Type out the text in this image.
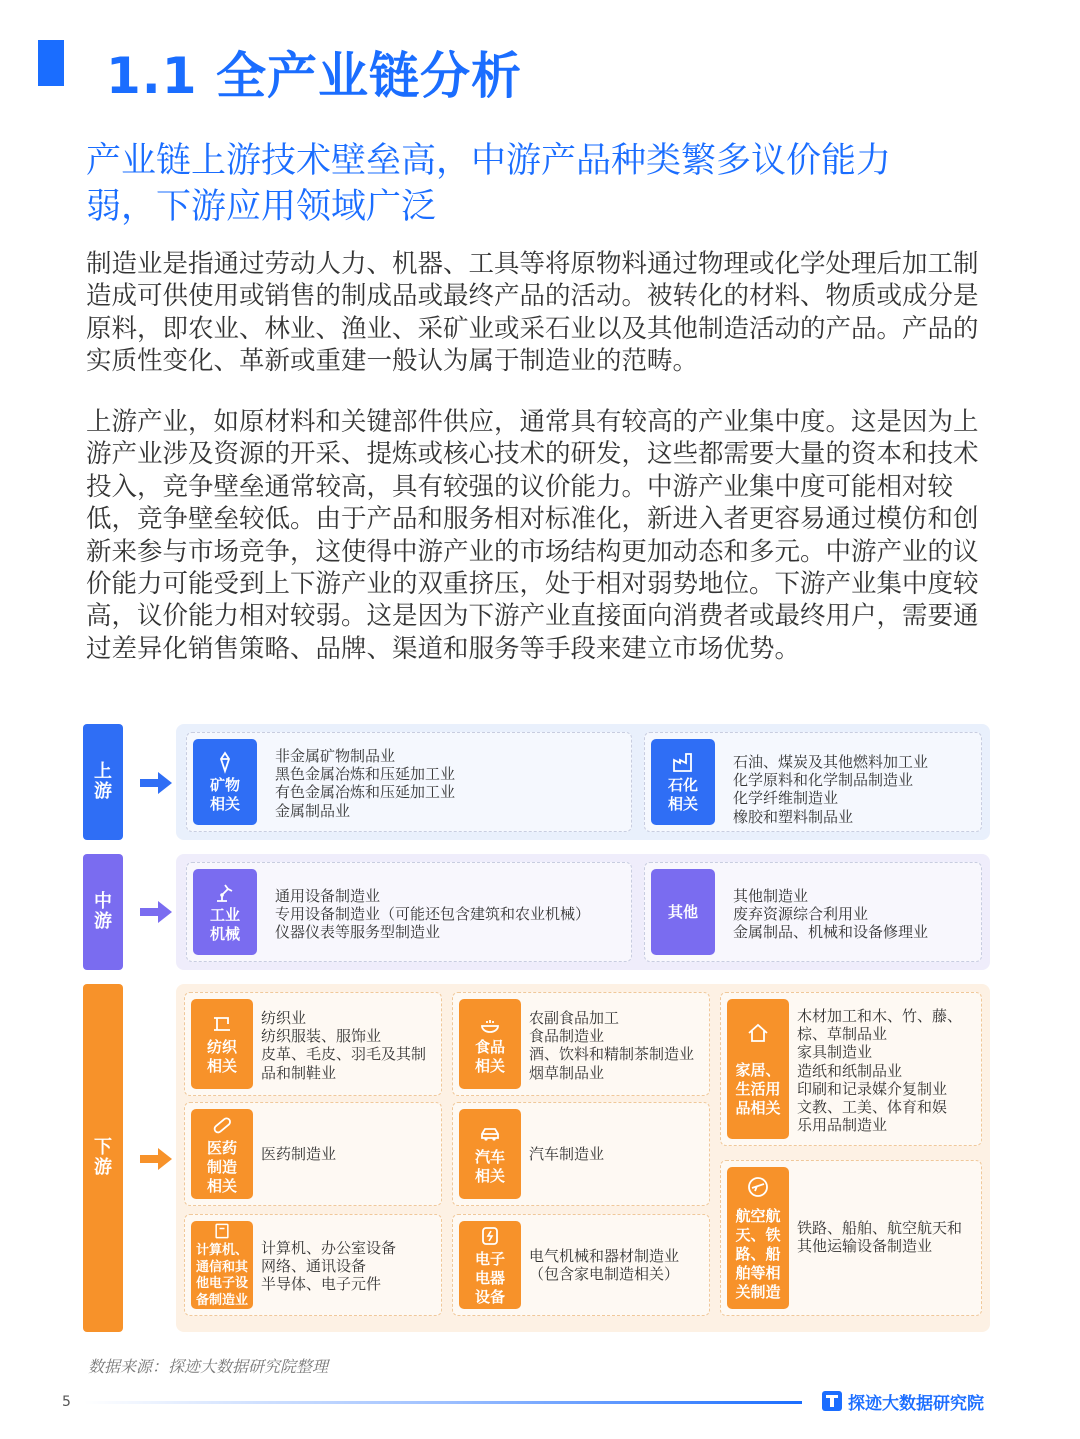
1.1 全产业链分析
产业链上游技术壁垒高，中游产品种类繁多议价能力
弱，下游应用领域广泛
制造业是指通过劳动人力、机器、工具等将原物料通过物理或化学处理后加工制造成可供使用或销售的制成品或最终产品的活动。被转化的材料、物质或成分是原料，即农业、林业、渔业、采矿业或采石业以及其他制造活动的产品。产品的实质性变化、革新或重建一般认为属于制造业的范畴。
上游产业，如原材料和关键部件供应，通常具有较高的产业集中度。这是因为上游产业涉及资源的开采、提炼或核心技术的研发，这些都需要大量的资本和技术投入，竞争壁垒通常较高，具有较强的议价能力。中游产业集中度可能相对较低，竞争壁垒较低。由于产品和服务相对标准化，新进入者更容易通过模仿和创新来参与市场竞争，这使得中游产业的市场结构更加动态和多元。中游产业的议价能力可能受到上下游产业的双重挤压，处于相对弱势地位。下游产业集中度较高，议价能力相对较弱。这是因为下游产业直接面向消费者或最终用户，需要通过差异化销售策略、品牌、渠道和服务等手段来建立市场优势。
上游	矿物
相关
非金属矿物制品业
黑色金属冶炼和压延加工业
有色金属冶炼和压延加工业
金属制品业
石化
相关
石油、煤炭及其他燃料加工业
化学原料和化学制品制造业
化学纤维制造业
橡胶和塑料制品业
中游	工业
机械
通用设备制造业
专用设备制造业（可能还包含建筑和农业机械）
仪器仪表等服务型制造业
其他
其他制造业
废弃资源综合利用业
金属制品、机械和设备修理业
下游
纺织
相关
纺织业
纺织服装、服饰业
皮革、毛皮、羽毛及其制
品和制鞋业
食品
相关
农副食品加工
食品制造业
酒、饮料和精制茶制造业
烟草制品业	家居、
生活用
品相关
木材加工和木、竹、藤、
棕、草制品业
家具制造业
造纸和纸制品业
印刷和记录媒介复制业
文教、工美、体育和娱
乐用品制造业
医药
制造
相关
医药制造业	汽车
相关
汽车制造业
航空航
天、铁
路、船
舶等相
关制造
铁路、船舶、航空航天和
其他运输设备制造业
计算机、
通信和其
他电子设
备制造业
计算机、办公室设备
网络、通讯设备
半导体、电子元件
电子
电器
设备
电气机械和器材制造业
（包含家电制造相关）
数据来源：探迹大数据研究院整理
5	探迹大数据研究院
